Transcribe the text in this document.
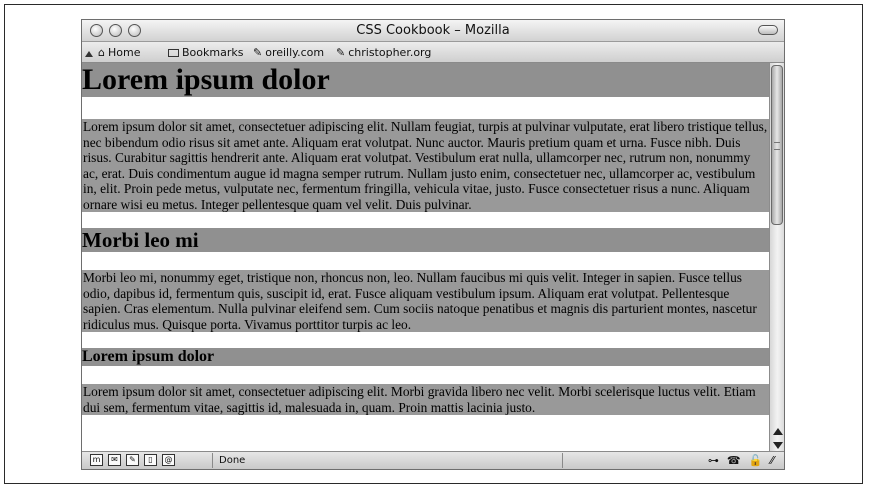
CSS Cookbook – Mozilla
⌂ Home	Bookmarks ✎ oreilly.com ✎ christopher.org
Lorem ipsum dolor

Lorem ipsum dolor sit amet, consectetuer adipiscing elit. Nullam feugiat, turpis at pulvinar vulputate, erat libero tristique tellus, nec bibendum odio risus sit amet ante. Aliquam erat volutpat. Nunc auctor. Mauris pretium quam et urna. Fusce nibh. Duis risus. Curabitur sagittis hendrerit ante. Aliquam erat volutpat. Vestibulum erat nulla, ullamcorper nec, rutrum non, nonummy ac, erat. Duis condimentum augue id magna semper rutrum. Nullam justo enim, consectetuer nec, ullamcorper ac, vestibulum in, elit. Proin pede metus, vulputate nec, fermentum fringilla, vehicula vitae, justo. Fusce consectetuer risus a nunc. Aliquam ornare wisi eu metus. Integer pellentesque quam vel velit. Duis pulvinar.

Morbi leo mi

Morbi leo mi, nonummy eget, tristique non, rhoncus non, leo. Nullam faucibus mi quis velit. Integer in sapien. Fusce tellus odio, dapibus id, fermentum quis, suscipit id, erat. Fusce aliquam vestibulum ipsum. Aliquam erat volutpat. Pellentesque sapien. Cras elementum. Nulla pulvinar eleifend sem. Cum sociis natoque penatibus et magnis dis parturient montes, nascetur ridiculus mus. Quisque porta. Vivamus porttitor turpis ac leo.

Lorem ipsum dolor

Lorem ipsum dolor sit amet, consectetuer adipiscing elit. Morbi gravida libero nec velit. Morbi scelerisque luctus velit. Etiam dui sem, fermentum vitae, sagittis id, malesuada in, quam. Proin mattis lacinia justo.

m	✉	✎	▯	@	Done	⊶ ☎ 🔓 ⁄⁄
